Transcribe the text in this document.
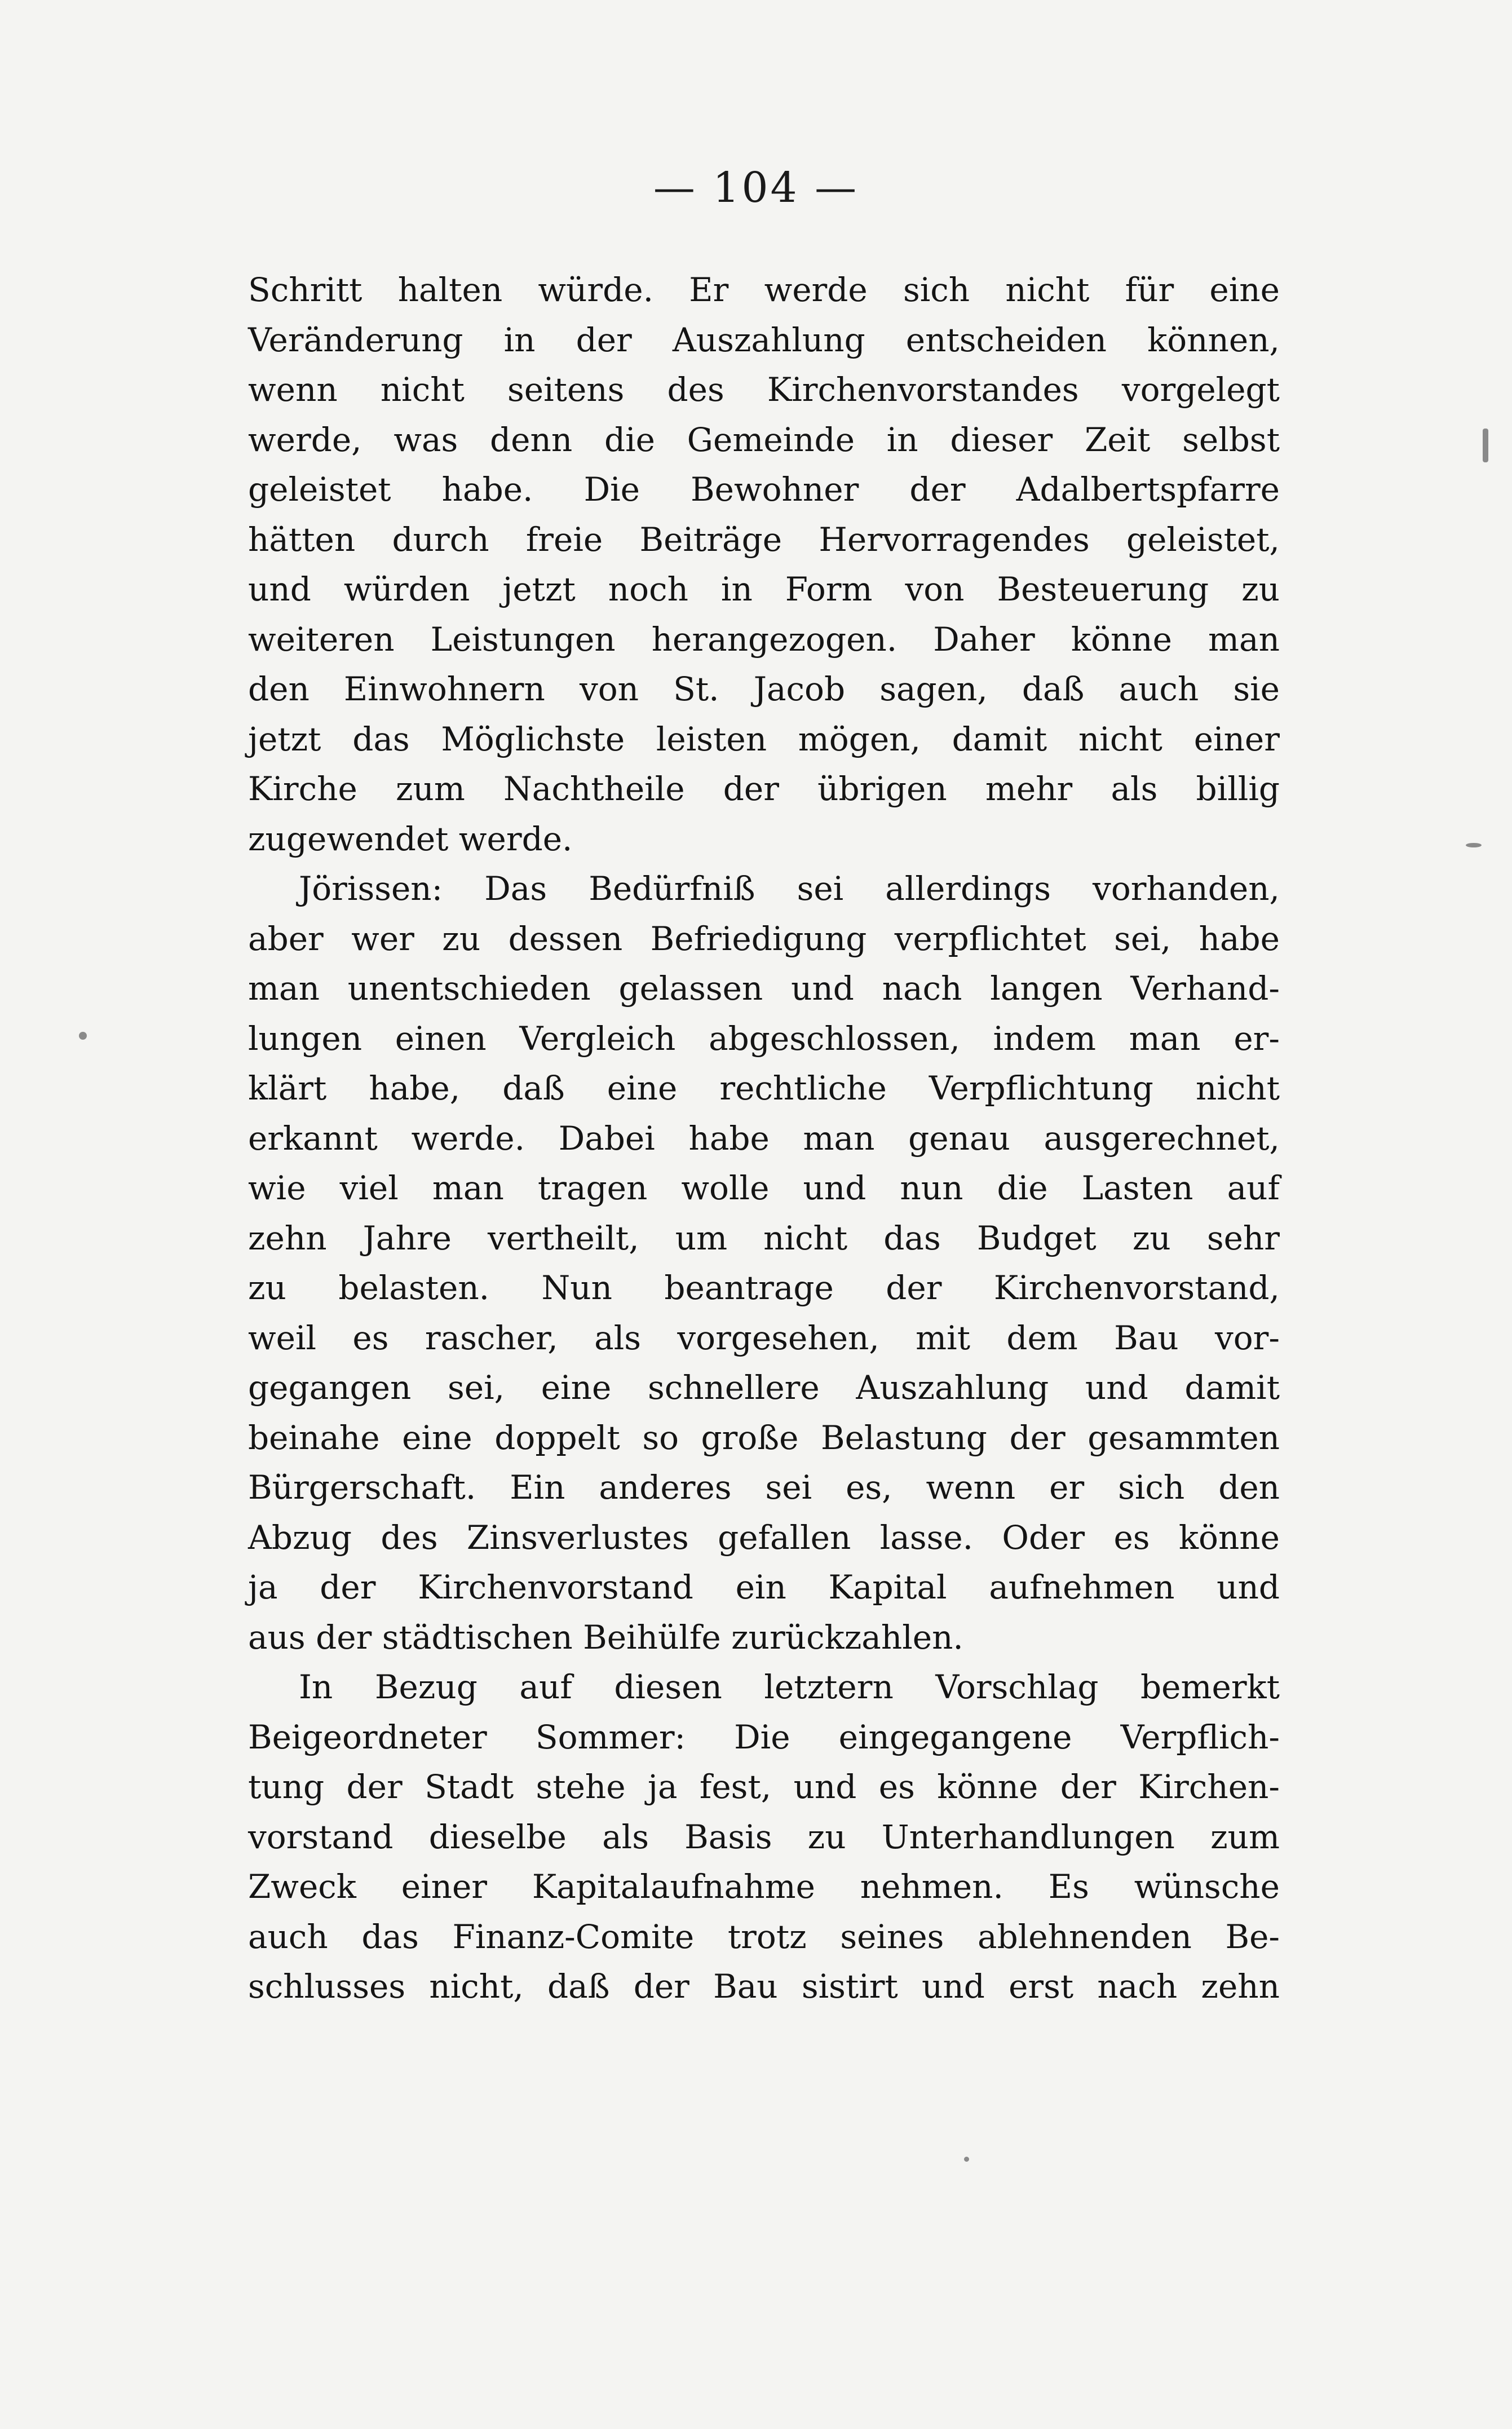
— 104 —
Schritt halten würde. Er werde sich nicht für eine
Veränderung in der Auszahlung entscheiden können,
wenn nicht seitens des Kirchenvorstandes vorgelegt
werde, was denn die Gemeinde in dieser Zeit selbst
geleistet habe. Die Bewohner der Adalbertspfarre
hätten durch freie Beiträge Hervorragendes geleistet,
und würden jetzt noch in Form von Besteuerung zu
weiteren Leistungen herangezogen. Daher könne man
den Einwohnern von St. Jacob sagen, daß auch sie
jetzt das Möglichste leisten mögen, damit nicht einer
Kirche zum Nachtheile der übrigen mehr als billig
zugewendet werde.
Jörissen: Das Bedürfniß sei allerdings vorhanden,
aber wer zu dessen Befriedigung verpflichtet sei, habe
man unentschieden gelassen und nach langen Verhand-
lungen einen Vergleich abgeschlossen, indem man er-
klärt habe, daß eine rechtliche Verpflichtung nicht
erkannt werde. Dabei habe man genau ausgerechnet,
wie viel man tragen wolle und nun die Lasten auf
zehn Jahre vertheilt, um nicht das Budget zu sehr
zu belasten. Nun beantrage der Kirchenvorstand,
weil es rascher, als vorgesehen, mit dem Bau vor-
gegangen sei, eine schnellere Auszahlung und damit
beinahe eine doppelt so große Belastung der gesammten
Bürgerschaft. Ein anderes sei es, wenn er sich den
Abzug des Zinsverlustes gefallen lasse. Oder es könne
ja der Kirchenvorstand ein Kapital aufnehmen und
aus der städtischen Beihülfe zurückzahlen.
In Bezug auf diesen letztern Vorschlag bemerkt
Beigeordneter Sommer: Die eingegangene Verpflich-
tung der Stadt stehe ja fest, und es könne der Kirchen-
vorstand dieselbe als Basis zu Unterhandlungen zum
Zweck einer Kapitalaufnahme nehmen. Es wünsche
auch das Finanz-Comite trotz seines ablehnenden Be-
schlusses nicht, daß der Bau sistirt und erst nach zehn
